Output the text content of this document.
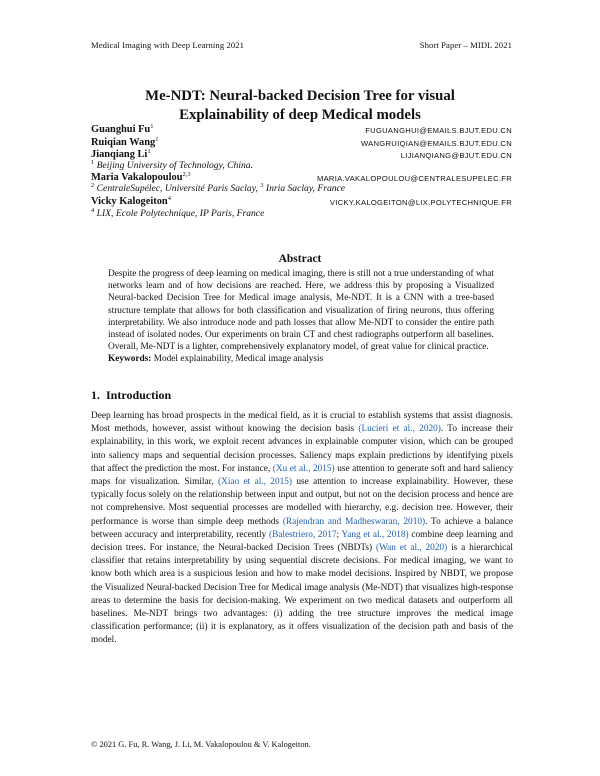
Medical Imaging with Deep Learning 2021	Short Paper – MIDL 2021
Me-NDT: Neural-backed Decision Tree for visual
Explainability of deep Medical models
Guanghui Fu$^1$	FUGUANGHUI@EMAILS.BJUT.EDU.CN
Ruiqian Wang$^1$	WANGRUIQIAN@EMAILS.BJUT.EDU.CN
Jianqiang Li$^1$	LIJIANQIANG@BJUT.EDU.CN
$^1$ Beijing University of Technology, China.
Maria Vakalopoulou$^{2,3}$	MARIA.VAKALOPOULOU@CENTRALESUPELEC.FR
$^2$ CentraleSupélec, Université Paris Saclay, $^3$ Inria Saclay, France
Vicky Kalogeiton$^4$	VICKY.KALOGEITON@LIX.POLYTECHNIQUE.FR
$^4$ LIX, Ecole Polytechnique, IP Paris, France
Abstract
Despite the progress of deep learning on medical imaging, there is still not a true understanding of what networks learn and of how decisions are reached. Here, we address this by proposing a Visualized Neural-backed Decision Tree for Medical image analysis, Me-NDT. It is a CNN with a tree-based structure template that allows for both classification and visualization of firing neurons, thus offering interpretability. We also introduce node and path losses that allow Me-NDT to consider the entire path instead of isolated nodes. Our experiments on brain CT and chest radiographs outperform all baselines. Overall, Me-NDT is a lighter, comprehensively explanatory model, of great value for clinical practice.
Keywords: Model explainability, Medical image analysis
1. Introduction
Deep learning has broad prospects in the medical field, as it is crucial to establish systems that assist diagnosis. Most methods, however, assist without knowing the decision basis (Lucieri et al., 2020). To increase their explainability, in this work, we exploit recent advances in explainable computer vision, which can be grouped into saliency maps and sequential decision processes. Saliency maps explain predictions by identifying pixels that affect the prediction the most. For instance, (Xu et al., 2015) use attention to generate soft and hard saliency maps for visualization. Similar, (Xiao et al., 2015) use attention to increase explainability. However, these typically focus solely on the relationship between input and output, but not on the decision process and hence are not comprehensive. Most sequential processes are modelled with hierarchy, e.g. decision tree. However, their performance is worse than simple deep methods (Rajendran and Madheswaran, 2010). To achieve a balance between accuracy and interpretability, recently (Balestriero, 2017; Yang et al., 2018) combine deep learning and decision trees. For instance, the Neural-backed Decision Trees (NBDTs) (Wan et al., 2020) is a hierarchical classifier that retains interpretability by using sequential discrete decisions. For medical imaging, we want to know both which area is a suspicious lesion and how to make model decisions. Inspired by NBDT, we propose the Visualized Neural-backed Decision Tree for Medical image analysis (Me-NDT) that visualizes high-response areas to determine the basis for decision-making. We experiment on two medical datasets and outperform all baselines. Me-NDT brings two advantages: (i) adding the tree structure improves the medical image classification performance; (ii) it is explanatory, as it offers visualization of the decision path and basis of the model.
© 2021 G. Fu, R. Wang, J. Li, M. Vakalopoulou & V. Kalogeiton.
